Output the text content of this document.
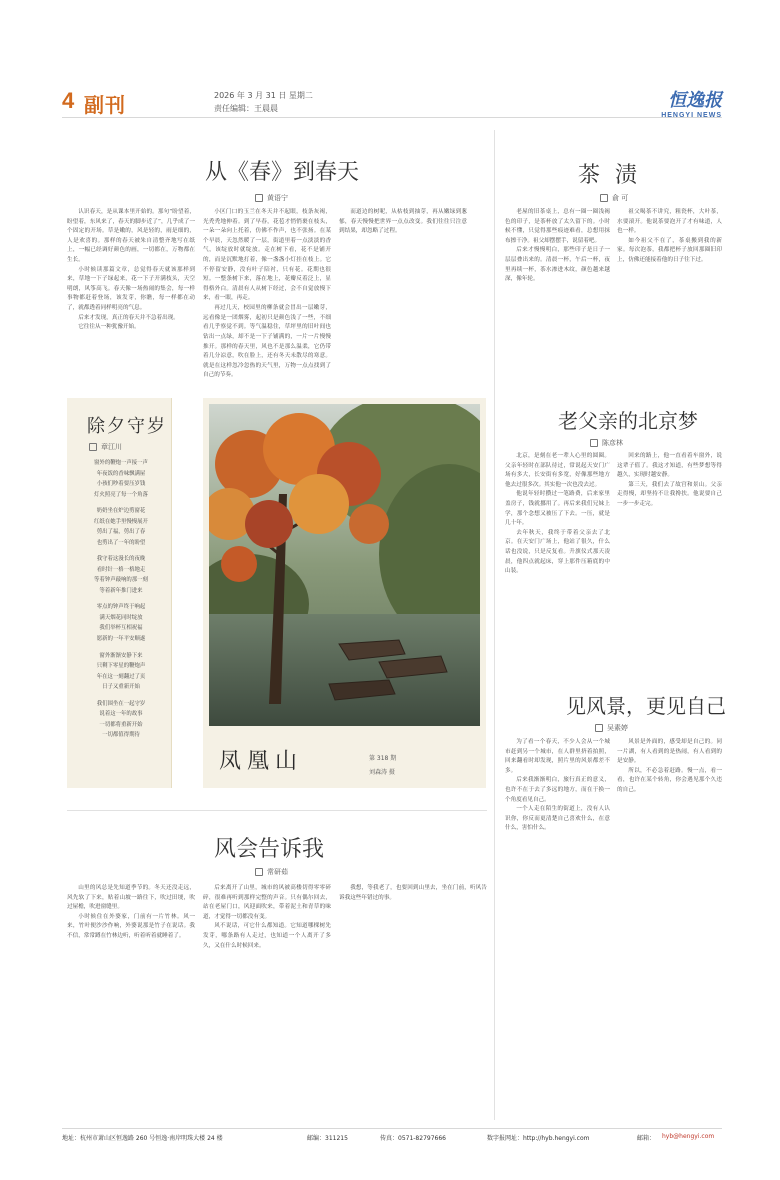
4 副刊	2026 年 3 月 31 日 星期二
责任编辑：王晨晨	恒逸报
HENGYI NEWS
从《春》到春天
黄语宁

认识春天，是从课本里开始的。那句“盼望着，盼望着，东风来了，春天的脚步近了”，几乎成了一个固定的开场。草是嫩的，风是轻的，雨是细的，人是欢喜的。那样的春天被朱自清整齐地写在纸上，一幅已经调好颜色的画，一切都在，万物都在生长。

小时候读那篇文章，总觉得春天就该那样到来，草地一下子绿起来，花一下子开满枝头，天空明朗，风筝高飞。春天像一场热闹的集会，每一样事物都赶着登场，该发芽，你瞧，每一样都在动了，就都透着同样明亮的气息。

后来才发现，真正的春天并不急着出现。

它往往从一种犹豫开始。

小区门口的玉兰在冬天并不起眼，枝条灰褐，光秃秃地伸着。到了早春，花苞才悄悄裹在枝头，一朵一朵向上托着，仿佛不作声，也不张扬。在某个早晨，天忽然暖了一层，街道里着一点淡淡的香气，该绽放时就绽放。走在树下看，花不是铺开的，而是沉默地打着，像一盏盏小灯挂在枝上。它不停留安静，没有叶子陪衬，只有花。花期也很短。一整条树下来，落在地上，花瓣反着泛上，显得格外白。清晨有人从树下经过，会不自觉放慢下来，看一眼，再走。

再过几天，校园里的柳条就会冒出一层嫩芽，远看像是一团烟雾，起初只是颜色浅了一些，不细看几乎察觉不到。等气温稳住，草坪里的旧叶间也钻出一点绿，却不是一下子铺满的，一片一片慢慢推开。那样的春天里，风也不是那么温柔，它仍带着几分凉意，吹在脸上，还有冬天未散尽的寒意。就是在这样忽冷忽热的天气里，万物一点点找到了自己的节奏。

而道边的树呢，从枯枝到抽芽，再从嫩绿到葱郁，春天慢慢把世界一点点改变。我们往往只注意到结果，却忽略了过程。

茶 渍
俞 可

老屋的旧茶桌上，总有一圈一圈浅褐色的印子，是茶杯放了太久留下的。小时候不懂，只觉得那些痕迹难看，总想用抹布擦干净。祖父却摆摆手，说留着吧。

后来才慢慢明白，那些印子是日子一层层叠出来的。清晨一杯，午后一杯，夜里再续一杯，茶水渗进木纹，颜色越来越深，像年轮。

祖父喝茶不讲究，粗瓷杯，大叶茶，水要滚开。他说茶要泡开了才有味道，人也一样。

如今祖父不在了，茶桌搬到我的新家。每次泡茶，我都把杯子放回那圈旧印上，仿佛还能接着他的日子往下过。

除夕守岁
章江川
窗外的鞭炮一声接一声
年夜饭的香味飘满屋
小孩们吵着要压岁钱
灯火照亮了每一个角落
奶奶坐在炉边剪窗花
红纸在她手里慢慢展开
剪出了福，剪出了春
也剪出了一年的盼望
我守着这漫长的夜晚
看时针一格一格地走
等着钟声敲响的那一刻
等着新年推门进来
零点的钟声终于响起
满天烟花同时绽放
我们举杯互相祝福
愿新的一年平安顺遂
窗外渐渐安静下来
只剩下零星的鞭炮声
年在这一刻翻过了页
日子又重新开始
我们围坐在一起守岁
说着这一年的故事
一切都将重新开始
一切都值得期待
凤凰山	第 318 期
刘森涛 摄
老父亲的北京梦
陈彦林

北京，是刻在老一辈人心里的圆圈。父亲年轻时在部队待过，常说起天安门广场有多大，长安街有多宽，好像那些地方他去过很多次。其实他一次也没去过。

他说年轻时攒过一笔路费，后来家里盖房子，钱就挪用了。再后来我们兄妹上学，那个念想又被压了下去。一压，就是几十年。

去年秋天，我终于带着父亲去了北京。在天安门广场上，他站了很久，什么话也没说，只是反复看。升旗仪式那天凌晨，他四点就起床，穿上那件压箱底的中山装。

回来的路上，他一直看着车窗外，说这辈子值了。我这才知道，有些梦想等得越久，实现时越安静。

第三天，我们去了故宫和景山。父亲走得慢，却坚持不让我搀扶。他说要自己一步一步走完。

见风景，更见自己
吴素婷

为了看一个春天，不少人会从一个城市赶到另一个城市，在人群里挤着拍照，回来翻看时却发现，照片里的风景都差不多。

后来我渐渐明白，旅行真正的意义，也许不在于去了多远的地方，而在于换一个角度看见自己。

一个人走在陌生的街道上，没有人认识你，你反而更清楚自己喜欢什么，在意什么，害怕什么。

风景是外面的，感受却是自己的。同一片湖，有人看到的是热闹，有人看到的是安静。

所以，不必急着赶路。慢一点，看一看，也许在某个转角，你会遇见那个久违的自己。

风会告诉我
常研茹

山里的风总是先知道季节的。冬天还没走远，风先软了下来，贴着山坡一路往下，吹过田埂，吹过屋檐，吹进窗缝里。

小时候住在外婆家，门前有一片竹林。风一来，竹叶便沙沙作响，外婆说那是竹子在说话。我不信，常常蹲在竹林边听，听着听着就睡着了。

后来离开了山里，城市的风被高楼切得零零碎碎，很难再听到那样完整的声音。只有偶尔回去，站在老屋门口，风迎面吹来，带着泥土和青草的味道，才觉得一切都没有变。

风不说话，可它什么都知道。它知道哪棵树先发芽，哪条路有人走过，也知道一个人离开了多久，又在什么时候回来。

我想，等我老了，也要回到山里去，坐在门前，听风告诉我这些年错过的事。

地址：杭州市萧山区恒逸路 260 号恒逸·南岸明珠大楼 24 楼	邮编：311215	传真：0571-82797666	数字报网址：http://hyb.hengyi.com	邮箱： hyb@hengyi.com
